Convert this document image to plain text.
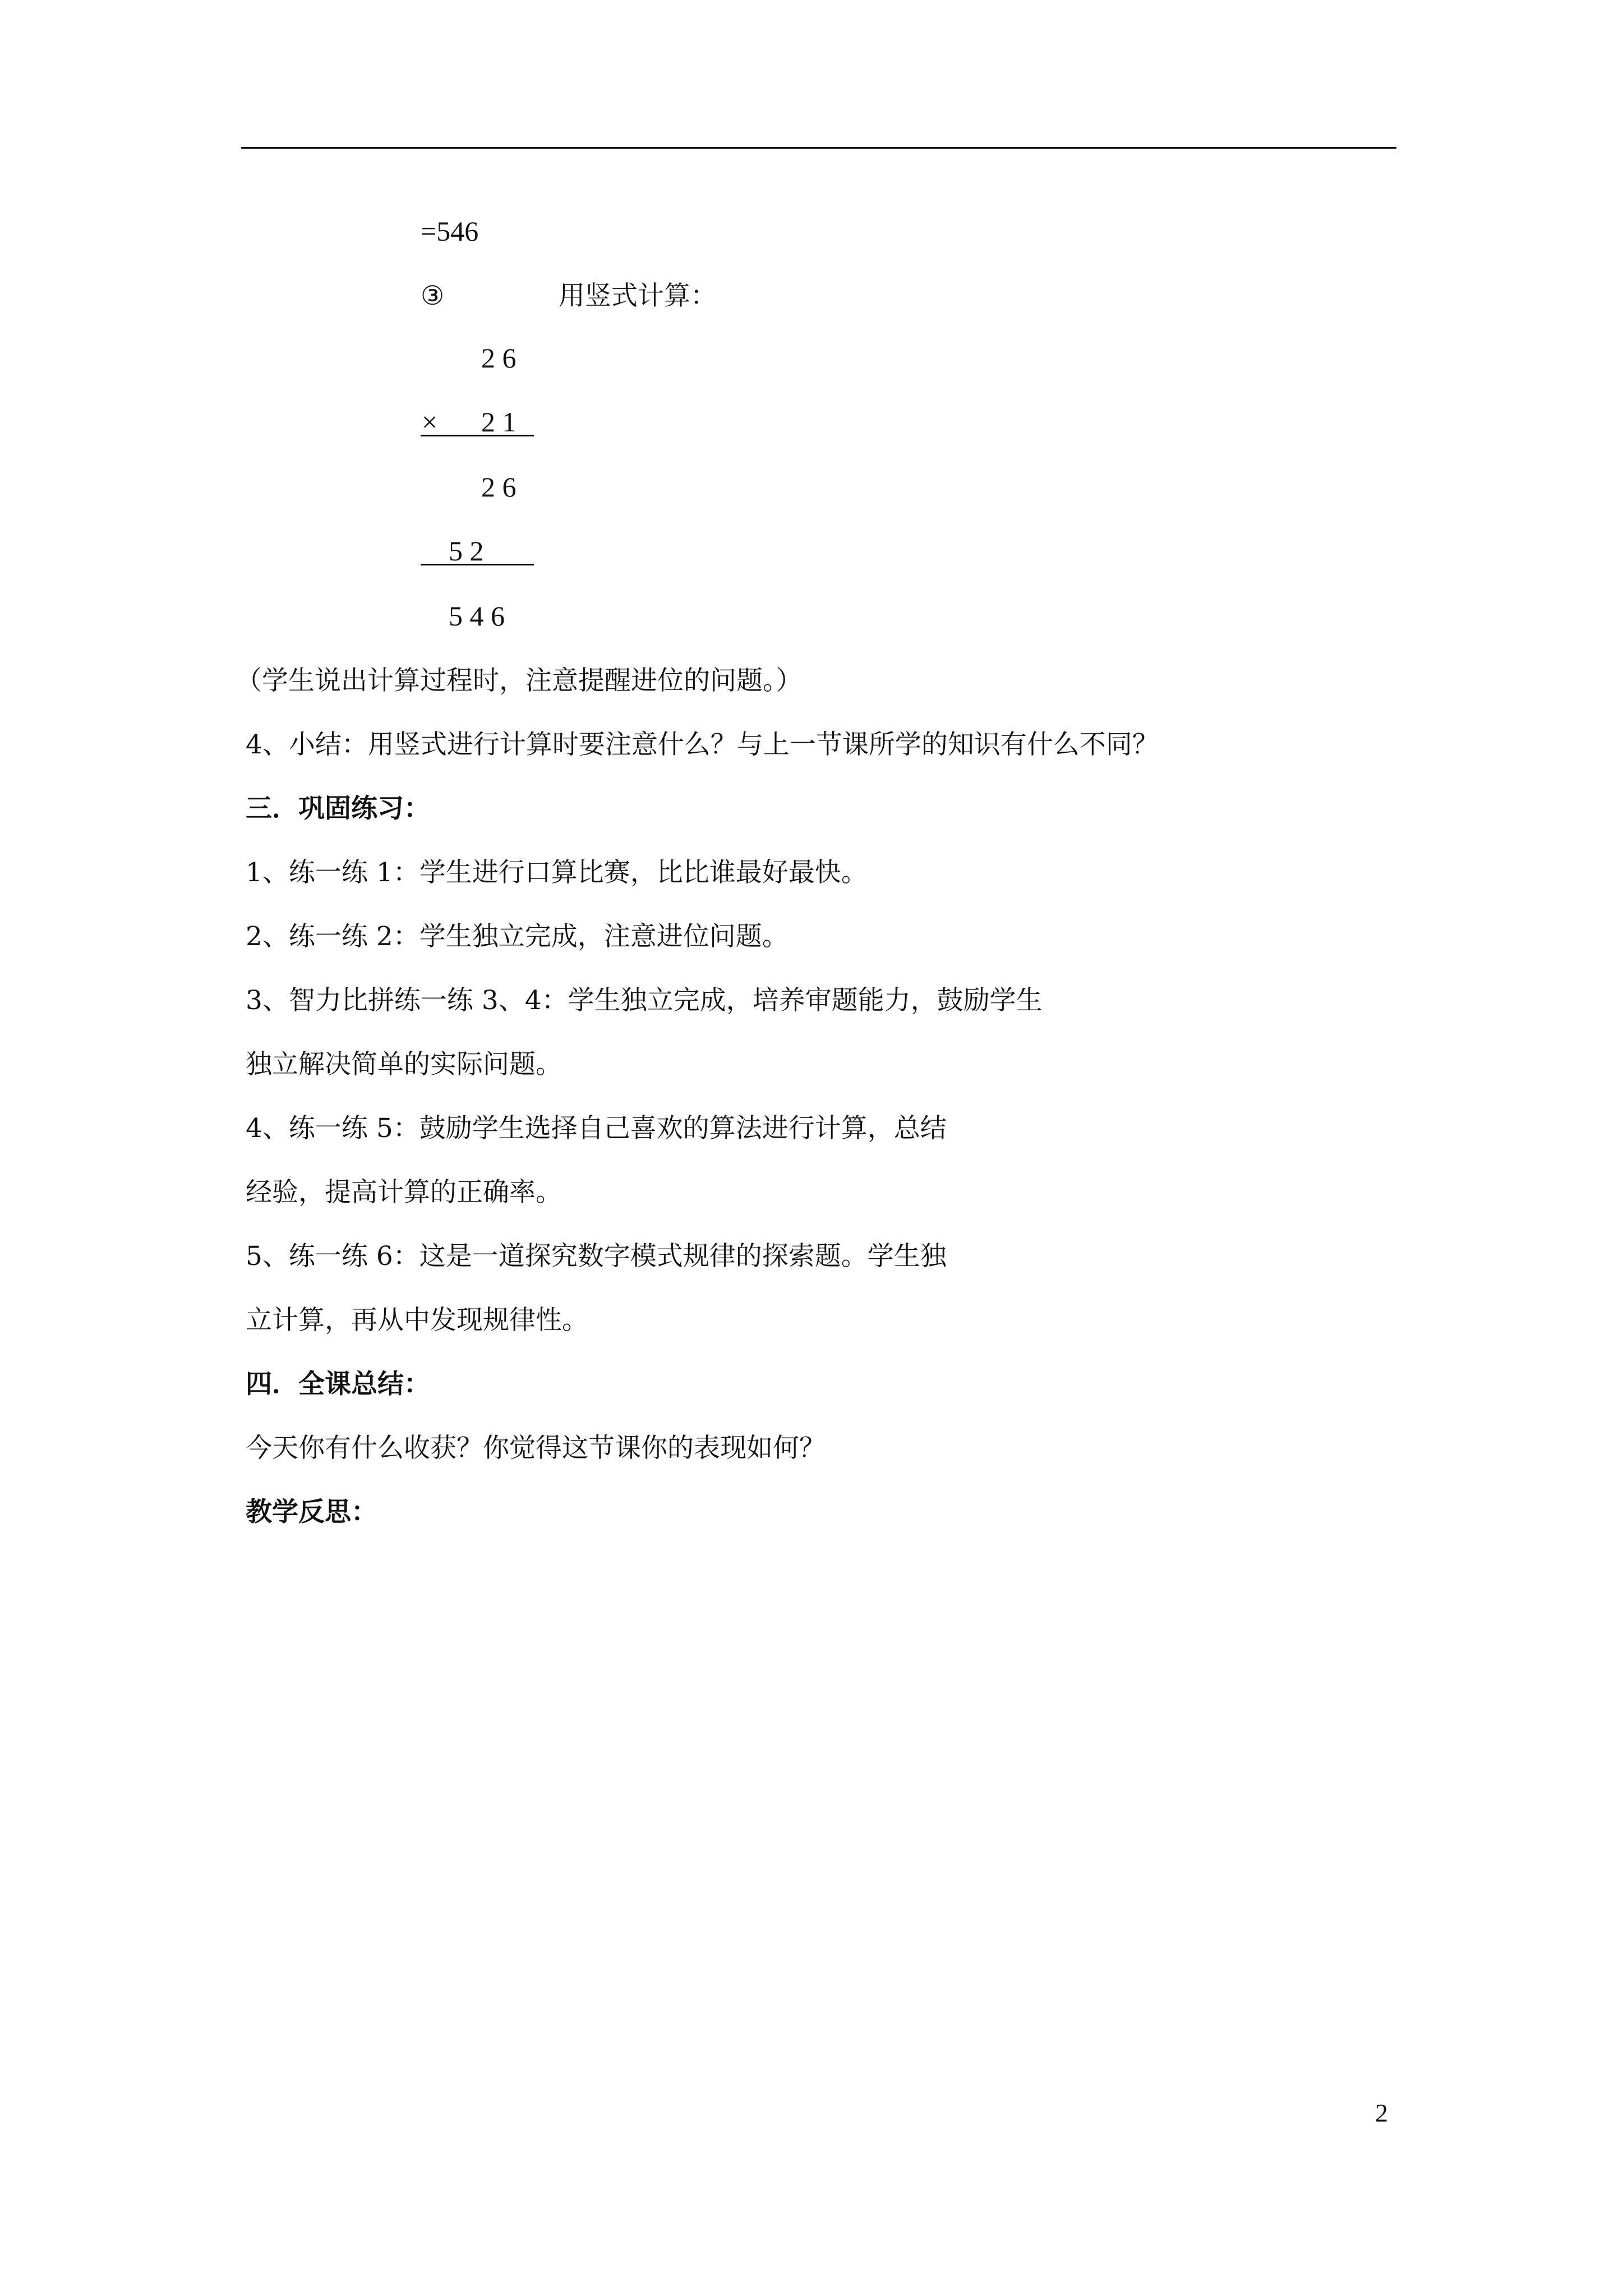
=546
③	用竖式计算：
2 6
× 2 1
2 6
5 2
5 4 6
（学生说出计算过程时，注意提醒进位的问题。）
4、小结：用竖式进行计算时要注意什么？与上一节课所学的知识有什么不同？
三．巩固练习：
1、练一练 1：学生进行口算比赛，比比谁最好最快。
2、练一练 2：学生独立完成，注意进位问题。
3、智力比拼练一练 3、4：学生独立完成，培养审题能力，鼓励学生
独立解决简单的实际问题。
4、练一练 5：鼓励学生选择自己喜欢的算法进行计算，总结
经验，提高计算的正确率。
5、练一练 6：这是一道探究数字模式规律的探索题。学生独
立计算，再从中发现规律性。
四．全课总结：
今天你有什么收获？你觉得这节课你的表现如何？
教学反思：
2
